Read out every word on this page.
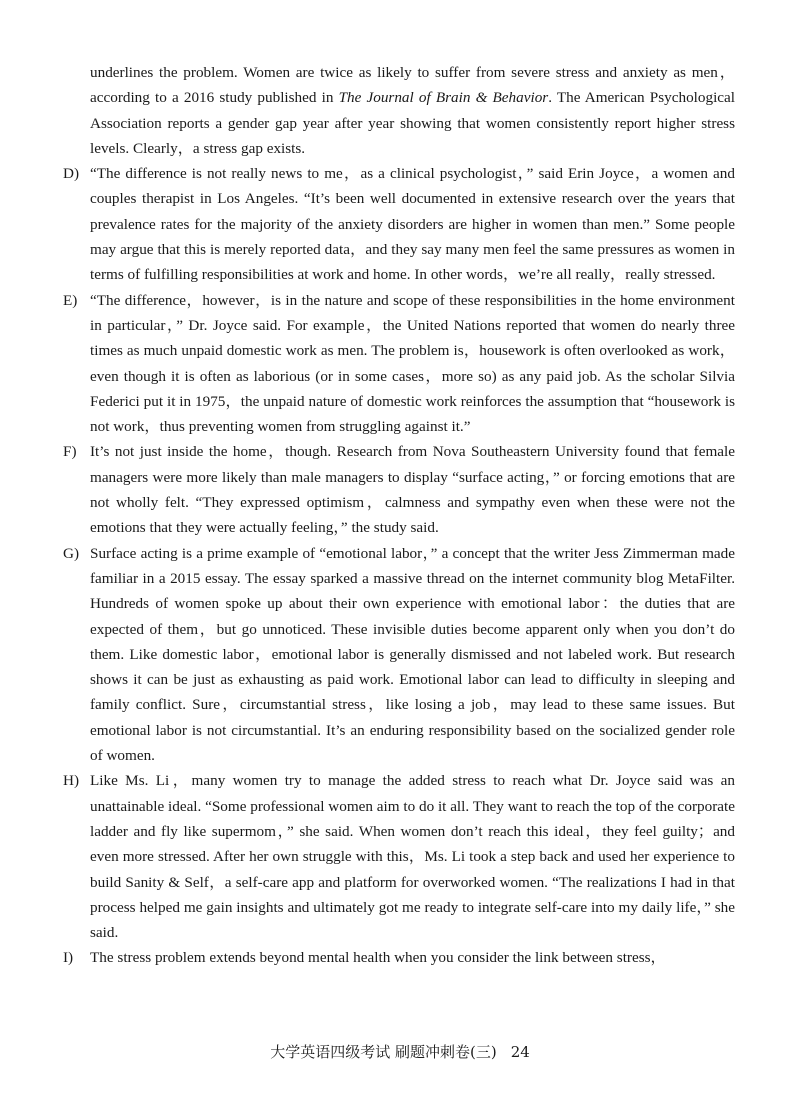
underlines the problem. Women are twice as likely to suffer from severe stress and anxiety as men，according to a 2016 study published in The Journal of Brain & Behavior. The American Psychological Association reports a gender gap year after year showing that women consistently report higher stress levels. Clearly，a stress gap exists.
D) “The difference is not really news to me，as a clinical psychologist，” said Erin Joyce，a women and couples therapist in Los Angeles. “It’s been well documented in extensive research over the years that prevalence rates for the majority of the anxiety disorders are higher in women than men.” Some people may argue that this is merely reported data，and they say many men feel the same pressures as women in terms of fulfilling responsibilities at work and home. In other words，we’re all really，really stressed.
E) “The difference，however，is in the nature and scope of these responsibilities in the home environment in particular，” Dr. Joyce said. For example，the United Nations reported that women do nearly three times as much unpaid domestic work as men. The problem is，housework is often overlooked as work，even though it is often as laborious (or in some cases，more so) as any paid job. As the scholar Silvia Federici put it in 1975，the unpaid nature of domestic work reinforces the assumption that “housework is not work，thus preventing women from struggling against it.”
F) It’s not just inside the home，though. Research from Nova Southeastern University found that female managers were more likely than male managers to display “surface acting，” or forcing emotions that are not wholly felt. “They expressed optimism，calmness and sympathy even when these were not the emotions that they were actually feeling，” the study said.
G) Surface acting is a prime example of “emotional labor，” a concept that the writer Jess Zimmerman made familiar in a 2015 essay. The essay sparked a massive thread on the internet community blog MetaFilter. Hundreds of women spoke up about their own experience with emotional labor：the duties that are expected of them，but go unnoticed. These invisible duties become apparent only when you don’t do them. Like domestic labor，emotional labor is generally dismissed and not labeled work. But research shows it can be just as exhausting as paid work. Emotional labor can lead to difficulty in sleeping and family conflict. Sure，circumstantial stress，like losing a job，may lead to these same issues. But emotional labor is not circumstantial. It’s an enduring responsibility based on the socialized gender role of women.
H) Like Ms. Li，many women try to manage the added stress to reach what Dr. Joyce said was an unattainable ideal. “Some professional women aim to do it all. They want to reach the top of the corporate ladder and fly like supermom，” she said. When women don’t reach this ideal，they feel guilty；and even more stressed. After her own struggle with this，Ms. Li took a step back and used her experience to build Sanity & Self，a self-care app and platform for overworked women. “The realizations I had in that process helped me gain insights and ultimately got me ready to integrate self-care into my daily life，” she said.
I) The stress problem extends beyond mental health when you consider the link between stress，
大学英语四级考试 刷题冲刺卷(三) 24
